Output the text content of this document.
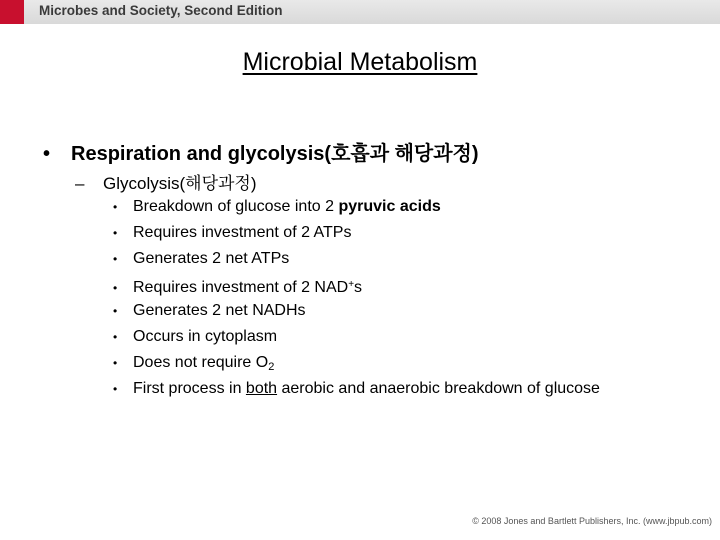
Microbes and Society, Second Edition
Microbial Metabolism
• Respiration and glycolysis(호흡과 해당과정)
– Glycolysis(해당과정)
• Breakdown of glucose into 2 pyruvic acids
• Requires investment of 2 ATPs
• Generates 2 net ATPs
• Requires investment of 2 NAD+s
• Generates 2 net NADHs
• Occurs in cytoplasm
• Does not require $O_2$
• First process in both aerobic and anaerobic breakdown of glucose
© 2008 Jones and Bartlett Publishers, Inc. (www.jbpub.com)
